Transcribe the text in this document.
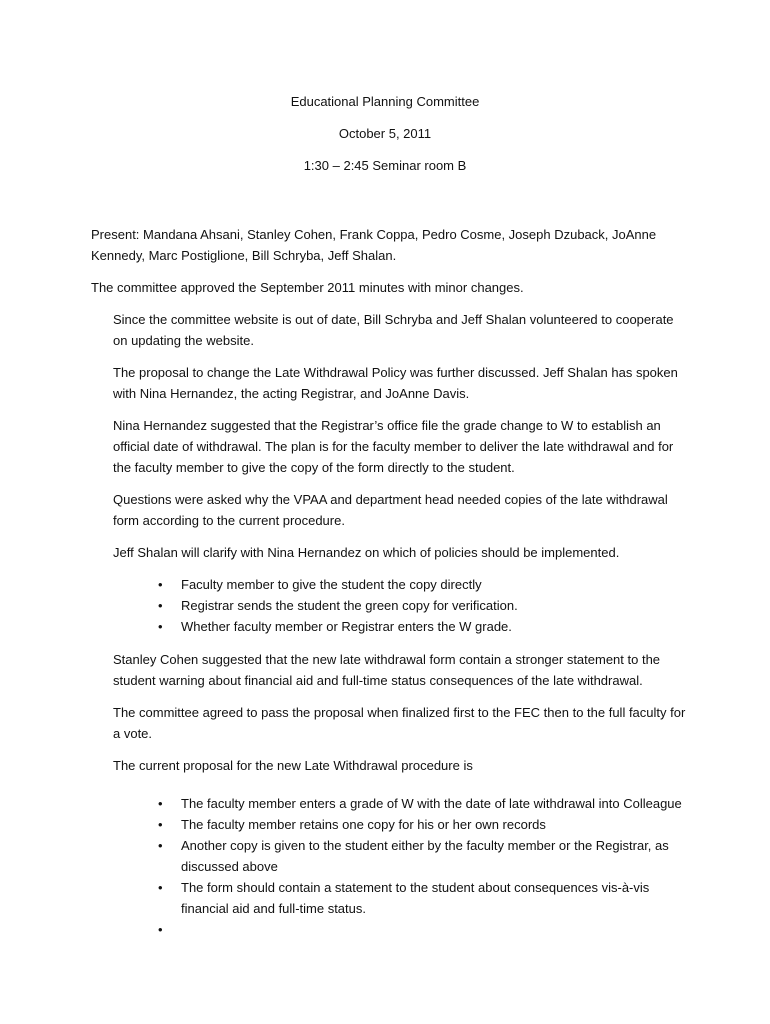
Educational Planning Committee
October 5, 2011
1:30 – 2:45 Seminar room B

Present: Mandana Ahsani, Stanley Cohen, Frank Coppa, Pedro Cosme, Joseph Dzuback, JoAnne Kennedy, Marc Postiglione, Bill Schryba, Jeff Shalan.

The committee approved the September 2011 minutes with minor changes.

Since the committee website is out of date, Bill Schryba and Jeff Shalan volunteered to cooperate on updating the website.

The proposal to change the Late Withdrawal Policy was further discussed. Jeff Shalan has spoken with Nina Hernandez, the acting Registrar, and JoAnne Davis.

Nina Hernandez suggested that the Registrar’s office file the grade change to W to establish an official date of withdrawal. The plan is for the faculty member to deliver the late withdrawal and for the faculty member to give the copy of the form directly to the student.

Questions were asked why the VPAA and department head needed copies of the late withdrawal form according to the current procedure.

Jeff Shalan will clarify with Nina Hernandez on which of policies should be implemented.

• Faculty member to give the student the copy directly
• Registrar sends the student the green copy for verification.
• Whether faculty member or Registrar enters the W grade.

Stanley Cohen suggested that the new late withdrawal form contain a stronger statement to the student warning about financial aid and full-time status consequences of the late withdrawal.

The committee agreed to pass the proposal when finalized first to the FEC then to the full faculty for a vote.

The current proposal for the new Late Withdrawal procedure is

• The faculty member enters a grade of W with the date of late withdrawal into Colleague
• The faculty member retains one copy for his or her own records
• Another copy is given to the student either by the faculty member or the Registrar, as discussed above
• The form should contain a statement to the student about consequences vis-à-vis financial aid and full-time status.
•
